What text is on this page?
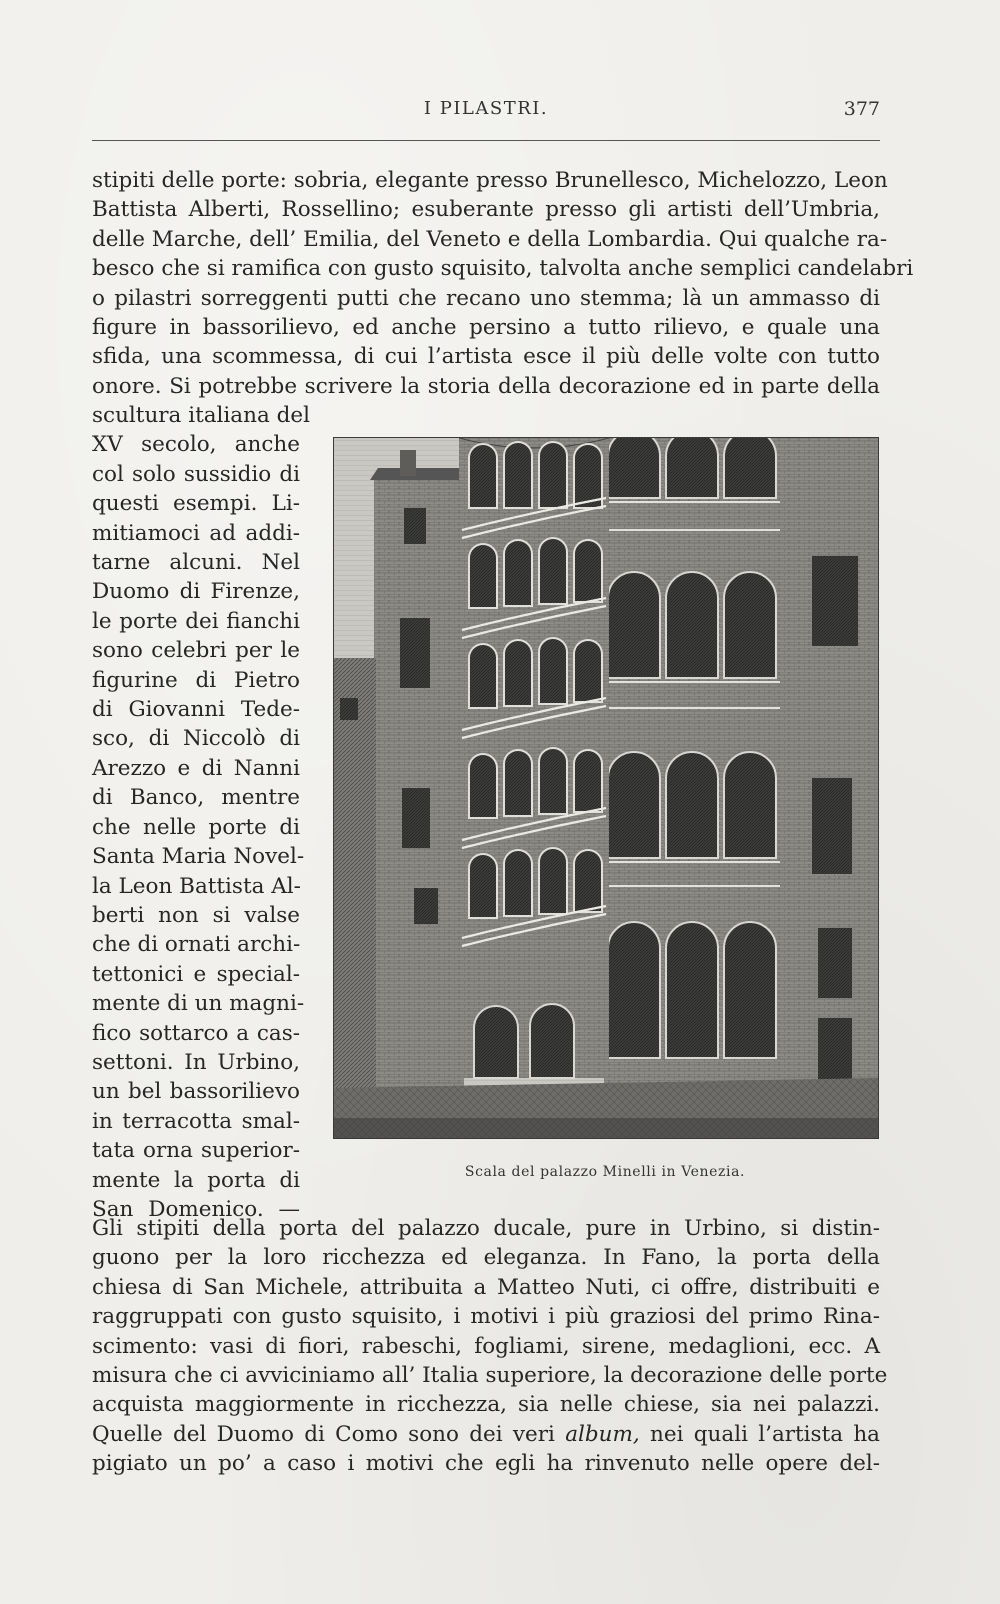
I PILASTRI.	377
stipiti delle porte: sobria, elegante presso Brunellesco, Michelozzo, Leon
Battista Alberti, Rossellino; esuberante presso gli artisti dell’Umbria,
delle Marche, dell’ Emilia, del Veneto e della Lombardia. Qui qualche ra-
besco che si ramifica con gusto squisito, talvolta anche semplici candelabri
o pilastri sorreggenti putti che recano uno stemma; là un ammasso di
figure in bassorilievo, ed anche persino a tutto rilievo, e quale una
sfida, una scommessa, di cui l’artista esce il più delle volte con tutto
onore. Si potrebbe scrivere la storia della decorazione ed in parte della
scultura italiana del
XV secolo, anche
col solo sussidio di
questi esempi. Li-
mitiamoci ad addi-
tarne alcuni. Nel
Duomo di Firenze,
le porte dei fianchi
sono celebri per le
figurine di Pietro
di Giovanni Tede-
sco, di Niccolò di
Arezzo e di Nanni
di Banco, mentre
che nelle porte di
Santa Maria Novel-
la Leon Battista Al-
berti non si valse
che di ornati archi-
tettonici e special-
mente di un magni-
fico sottarco a cas-
settoni. In Urbino,
un bel bassorilievo
in terracotta smal-
tata orna superior-
mente la porta di
San Domenico. —
Scala del palazzo Minelli in Venezia.
Gli stipiti della porta del palazzo ducale, pure in Urbino, si distin-
guono per la loro ricchezza ed eleganza. In Fano, la porta della
chiesa di San Michele, attribuita a Matteo Nuti, ci offre, distribuiti e
raggruppati con gusto squisito, i motivi i più graziosi del primo Rina-
scimento: vasi di fiori, rabeschi, fogliami, sirene, medaglioni, ecc. A
misura che ci avviciniamo all’ Italia superiore, la decorazione delle porte
acquista maggiormente in ricchezza, sia nelle chiese, sia nei palazzi.
Quelle del Duomo di Como sono dei veri album, nei quali l’artista ha
pigiato un po’ a caso i motivi che egli ha rinvenuto nelle opere del-
